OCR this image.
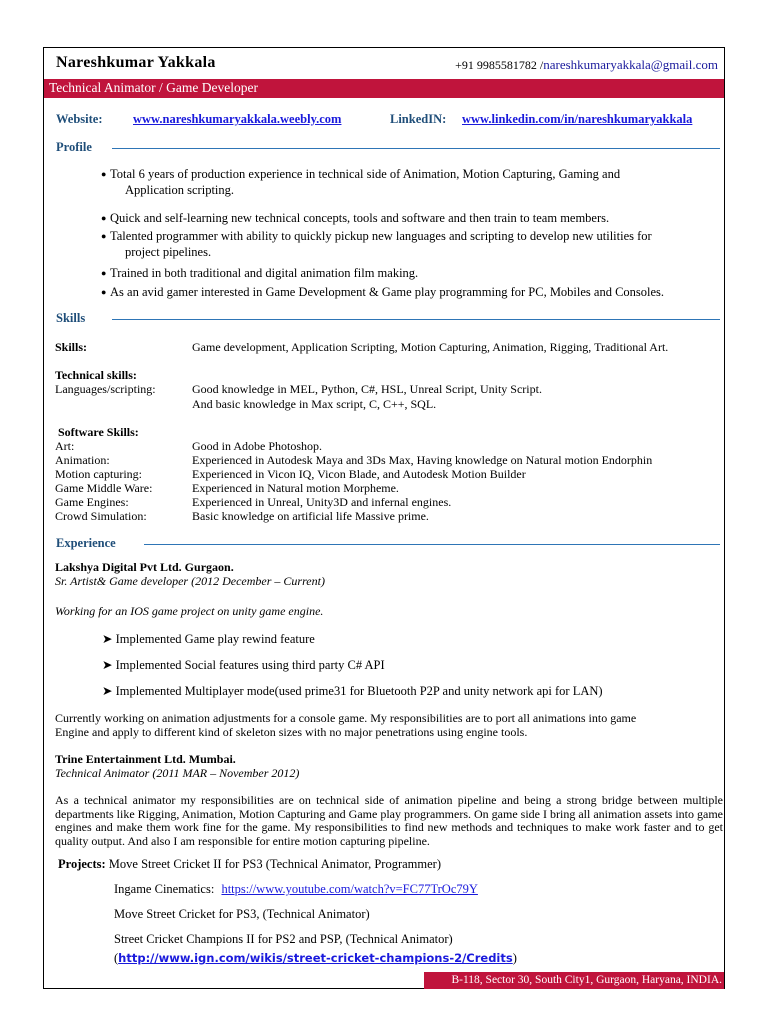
Nareshkumar Yakkala	+91 9985581782 /nareshkumaryakkala@gmail.com
Technical Animator / Game Developer
Website: www.nareshkumaryakkala.weebly.com	LinkedIN: www.linkedin.com/in/nareshkumaryakkala
Profile
● Total 6 years of production experience in technical side of Animation, Motion Capturing, Gaming and
Application scripting.
● Quick and self-learning new technical concepts, tools and software and then train to team members.
● Talented programmer with ability to quickly pickup new languages and scripting to develop new utilities for
project pipelines.
● Trained in both traditional and digital animation film making.
● As an avid gamer interested in Game Development & Game play programming for PC, Mobiles and Consoles.
Skills
Skills:	Game development, Application Scripting, Motion Capturing, Animation, Rigging, Traditional Art.
Technical skills:
Languages/scripting:	Good knowledge in MEL, Python, C#, HSL, Unreal Script, Unity Script.
And basic knowledge in Max script, C, C++, SQL.
Software Skills:
Art:	Good in Adobe Photoshop.
Animation:	Experienced in Autodesk Maya and 3Ds Max, Having knowledge on Natural motion Endorphin
Motion capturing:	Experienced in Vicon IQ, Vicon Blade, and Autodesk Motion Builder
Game Middle Ware:	Experienced in Natural motion Morpheme.
Game Engines:	Experienced in Unreal, Unity3D and infernal engines.
Crowd Simulation:	Basic knowledge on artificial life Massive prime.
Experience
Lakshya Digital Pvt Ltd. Gurgaon.
Sr. Artist& Game developer (2012 December – Current)
Working for an IOS game project on unity game engine.
➤ Implemented Game play rewind feature
➤ Implemented Social features using third party C# API
➤ Implemented Multiplayer mode(used prime31 for Bluetooth P2P and unity network api for LAN)
Currently working on animation adjustments for a console game. My responsibilities are to port all animations into game
Engine and apply to different kind of skeleton sizes with no major penetrations using engine tools.
Trine Entertainment Ltd. Mumbai.
Technical Animator (2011 MAR – November 2012)
As a technical animator my responsibilities are on technical side of animation pipeline and being a strong bridge between multiple departments like Rigging, Animation, Motion Capturing and Game play programmers. On game side I bring all animation assets into game engines and make them work fine for the game. My responsibilities to find new methods and techniques to make work faster and to get quality output. And also I am responsible for entire motion capturing pipeline.
Projects: Move Street Cricket II for PS3 (Technical Animator, Programmer)
Ingame Cinematics: https://www.youtube.com/watch?v=FC77TrOc79Y
Move Street Cricket for PS3, (Technical Animator)
Street Cricket Champions II for PS2 and PSP, (Technical Animator)
(http://www.ign.com/wikis/street-cricket-champions-2/Credits)
B-118, Sector 30, South City1, Gurgaon, Haryana, INDIA.
